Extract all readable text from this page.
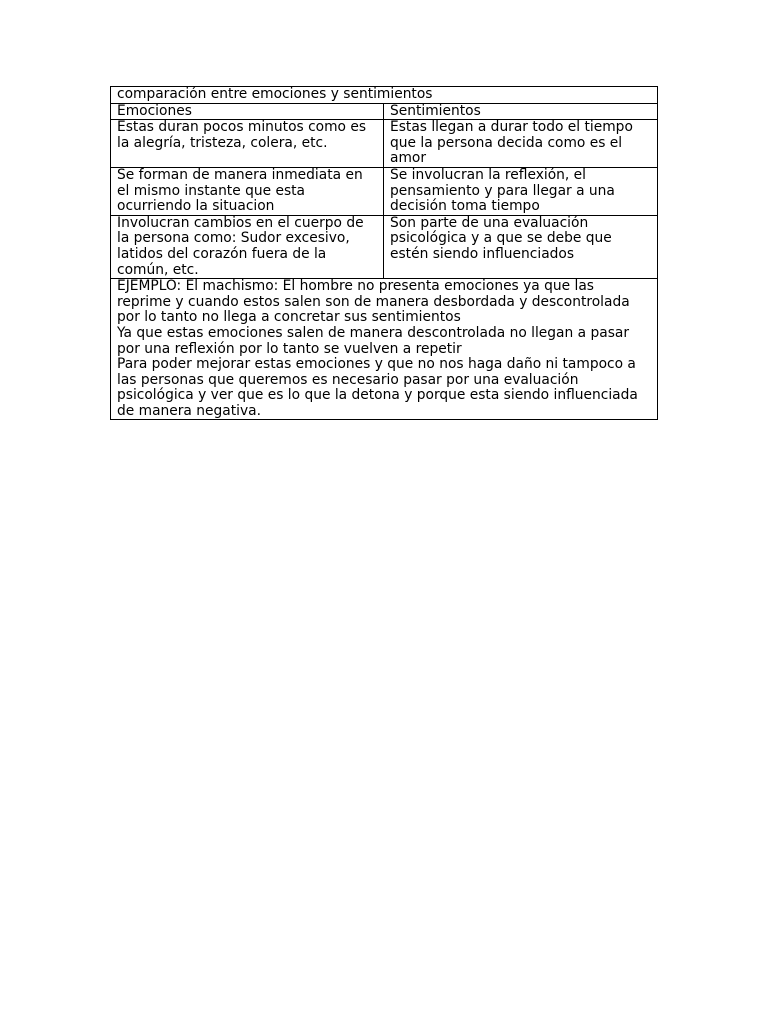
comparación entre emociones y sentimientos	
Emociones	Sentimientos
Estas duran pocos minutos como es la alegría, tristeza, colera, etc.	Estas llegan a durar todo el tiempo que la persona decida como es el amor
Se forman de manera inmediata en el mismo instante que esta ocurriendo la situacion	Se involucran la reflexión, el pensamiento y para llegar a una decisión toma tiempo
Involucran cambios en el cuerpo de la persona como: Sudor excesivo, latidos del corazón fuera de la común, etc.	Son parte de una evaluación psicológica y a que se debe que estén siendo influenciados

EJEMPLO: El machismo: El hombre no presenta emociones ya que las reprime y cuando estos salen son de manera desbordada y descontrolada por lo tanto no llega a concretar sus sentimientos
Ya que estas emociones salen de manera descontrolada no llegan a pasar por una reflexión por lo tanto se vuelven a repetir
Para poder mejorar estas emociones y que no nos haga daño ni tampoco a las personas que queremos es necesario pasar por una evaluación psicológica y ver que es lo que la detona y porque esta siendo influenciada de manera negativa.	
